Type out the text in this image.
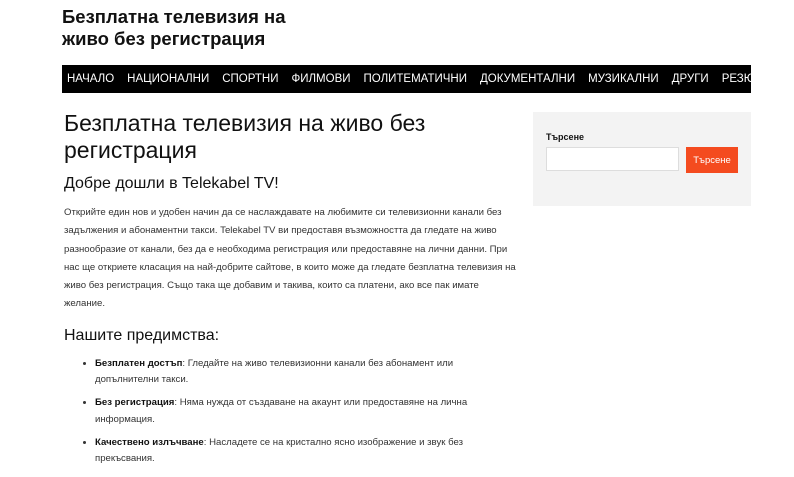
Безплатна телевизия на живо без регистрация
НАЧАЛО	НАЦИОНАЛНИ	СПОРТНИ	ФИЛМОВИ	ПОЛИТЕМАТИЧНИ	ДОКУМЕНТАЛНИ	МУЗИКАЛНИ	ДРУГИ	РЕЗЮМЕТА
Безплатна телевизия на живо без регистрация
Добре дошли в Telekabel TV!

Открийте един нов и удобен начин да се наслаждавате на любимите си телевизионни канали без задължения и абонаментни такси. Telekabel TV ви предоставя възможността да гледате на живо разнообразие от канали, без да е необходима регистрация или предоставяне на лични данни. При нас ще откриете класация на най-добрите сайтове, в които може да гледате безплатна телевизия на живо без регистрация. Също така ще добавим и такива, които са платени, ако все пак имате желание.

Нашите предимства:
• Безплатен достъп: Гледайте на живо телевизионни канали без абонамент или допълнителни такси.
• Без регистрация: Няма нужда от създаване на акаунт или предоставяне на лична информация.
• Качествено излъчване: Насладете се на кристално ясно изображение и звук без прекъсвания.
Търсене
Търсене
